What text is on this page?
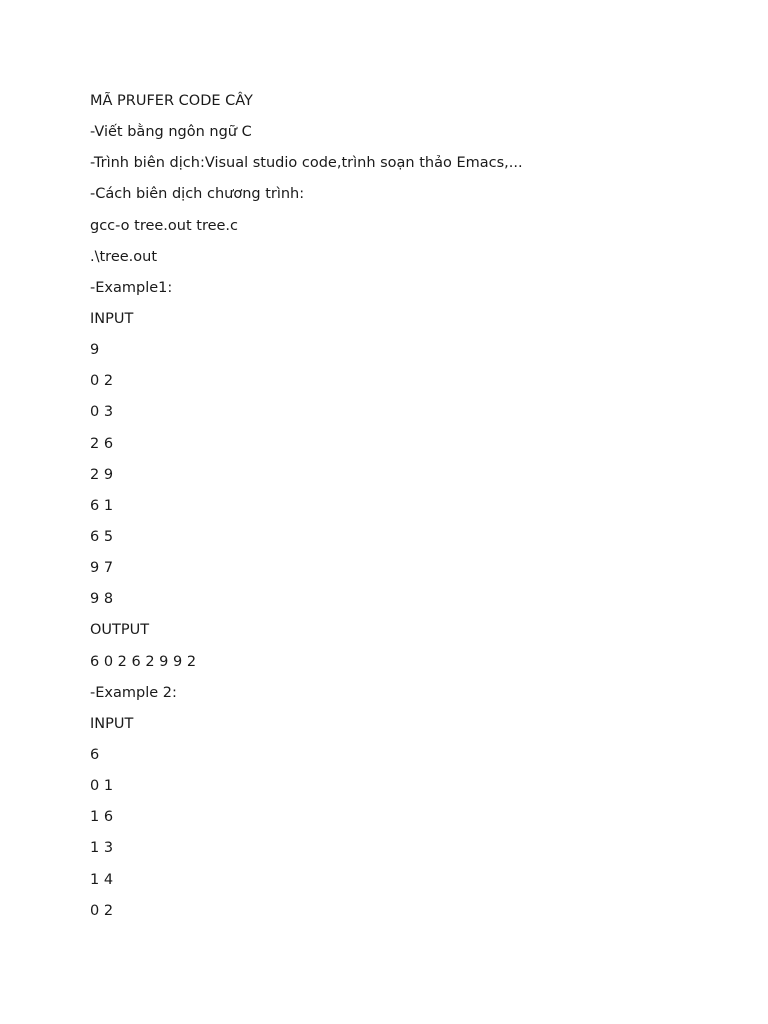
MÃ PRUFER CODE CÂY
-Viết bằng ngôn ngữ C
-Trình biên dịch:Visual studio code,trình soạn thảo Emacs,...
-Cách biên dịch chương trình:
gcc-o tree.out tree.c
.\tree.out
-Example1:
INPUT
9
0 2
0 3
2 6
2 9
6 1
6 5
9 7
9 8
OUTPUT
6 0 2 6 2 9 9 2
-Example 2:
INPUT
6
0 1
1 6
1 3
1 4
0 2
